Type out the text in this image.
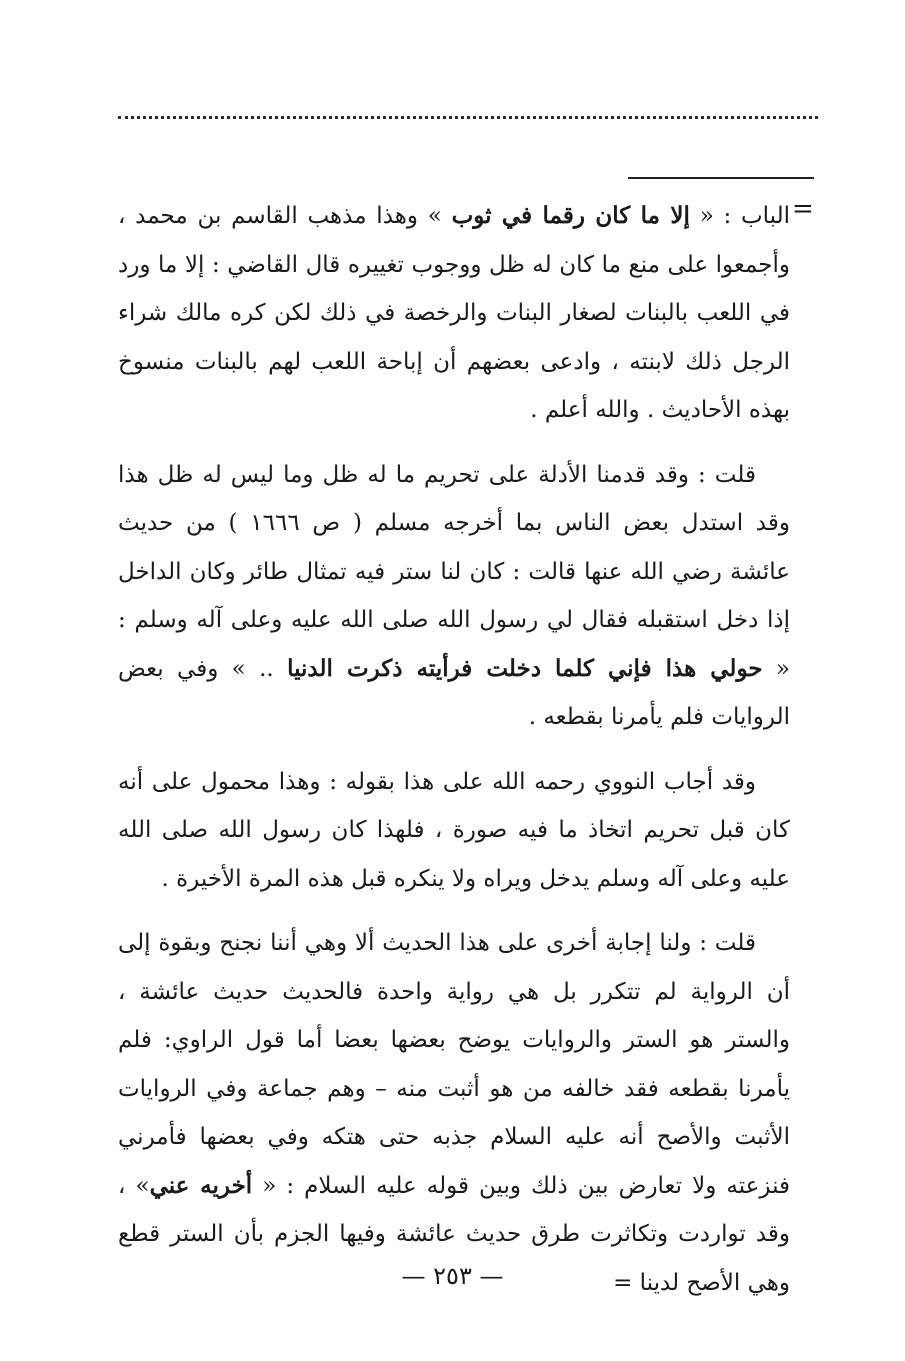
=

الباب : « إلا ما كان رقما في ثوب » وهذا مذهب القاسم بن محمد ، وأجمعوا على منع ما كان له ظل ووجوب تغييره قال القاضي : إلا ما ورد في اللعب بالبنات لصغار البنات والرخصة في ذلك لكن كره مالك شراء الرجل ذلك لابنته ، وادعى بعضهم أن إباحة اللعب لهم بالبنات منسوخ بهذه الأحاديث . والله أعلم .

قلت : وقد قدمنا الأدلة على تحريم ما له ظل وما ليس له ظل هذا وقد استدل بعض الناس بما أخرجه مسلم ( ص ١٦٦٦ ) من حديث عائشة رضي الله عنها قالت : كان لنا ستر فيه تمثال طائر وكان الداخل إذا دخل استقبله فقال لي رسول الله صلى الله عليه وعلى آله وسلم : « حولي هذا فإني كلما دخلت فرأيته ذكرت الدنيا .. » وفي بعض الروايات فلم يأمرنا بقطعه .

وقد أجاب النووي رحمه الله على هذا بقوله : وهذا محمول على أنه كان قبل تحريم اتخاذ ما فيه صورة ، فلهذا كان رسول الله صلى الله عليه وعلى آله وسلم يدخل ويراه ولا ينكره قبل هذه المرة الأخيرة .

قلت : ولنا إجابة أخرى على هذا الحديث ألا وهي أننا نجنح وبقوة إلى أن الرواية لم تتكرر بل هي رواية واحدة فالحديث حديث عائشة ، والستر هو الستر والروايات يوضح بعضها بعضا أما قول الراوي: فلم يأمرنا بقطعه فقد خالفه من هو أثبت منه – وهم جماعة وفي الروايات الأثبت والأصح أنه عليه السلام جذبه حتى هتكه وفي بعضها فأمرني فنزعته ولا تعارض بين ذلك وبين قوله عليه السلام : « أخريه عني» ، وقد تواردت وتكاثرت طرق حديث عائشة وفيها الجزم بأن الستر قطع وهي الأصح لدينا =

— ٢٥٣ —
